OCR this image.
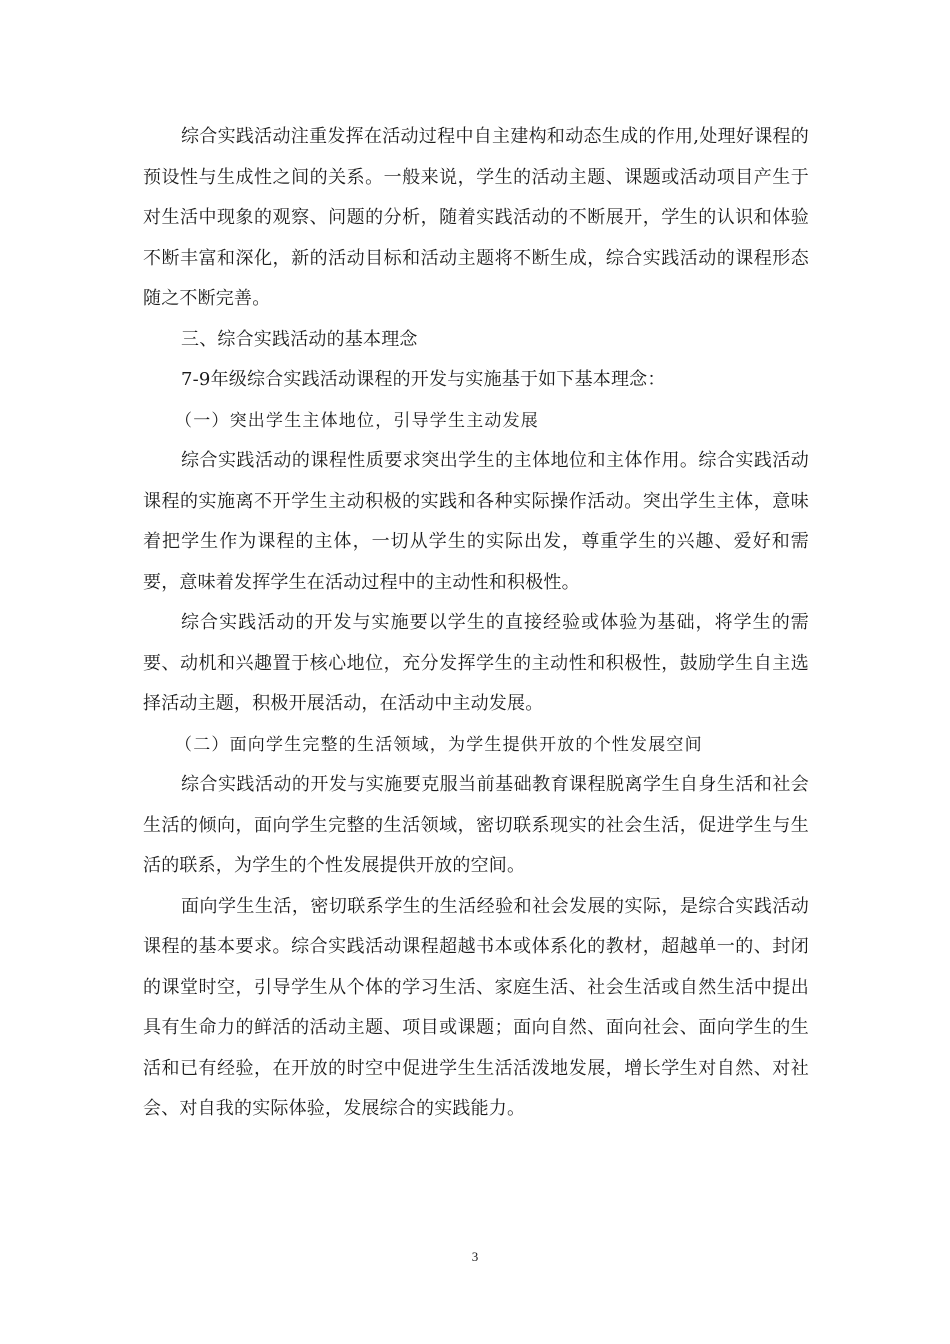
综合实践活动注重发挥在活动过程中自主建构和动态生成的作用,处理好课程的预设性与生成性之间的关系。一般来说，学生的活动主题、课题或活动项目产生于对生活中现象的观察、问题的分析，随着实践活动的不断展开，学生的认识和体验不断丰富和深化，新的活动目标和活动主题将不断生成，综合实践活动的课程形态随之不断完善。

三、综合实践活动的基本理念

7-9年级综合实践活动课程的开发与实施基于如下基本理念：

（一）突出学生主体地位，引导学生主动发展

综合实践活动的课程性质要求突出学生的主体地位和主体作用。综合实践活动课程的实施离不开学生主动积极的实践和各种实际操作活动。突出学生主体，意味着把学生作为课程的主体，一切从学生的实际出发，尊重学生的兴趣、爱好和需要，意味着发挥学生在活动过程中的主动性和积极性。

综合实践活动的开发与实施要以学生的直接经验或体验为基础，将学生的需要、动机和兴趣置于核心地位，充分发挥学生的主动性和积极性，鼓励学生自主选择活动主题，积极开展活动，在活动中主动发展。

（二）面向学生完整的生活领域，为学生提供开放的个性发展空间

综合实践活动的开发与实施要克服当前基础教育课程脱离学生自身生活和社会生活的倾向，面向学生完整的生活领域，密切联系现实的社会生活，促进学生与生活的联系，为学生的个性发展提供开放的空间。

面向学生生活，密切联系学生的生活经验和社会发展的实际，是综合实践活动课程的基本要求。综合实践活动课程超越书本或体系化的教材，超越单一的、封闭的课堂时空，引导学生从个体的学习生活、家庭生活、社会生活或自然生活中提出具有生命力的鲜活的活动主题、项目或课题；面向自然、面向社会、面向学生的生活和已有经验，在开放的时空中促进学生生活活泼地发展，增长学生对自然、对社会、对自我的实际体验，发展综合的实践能力。

3
